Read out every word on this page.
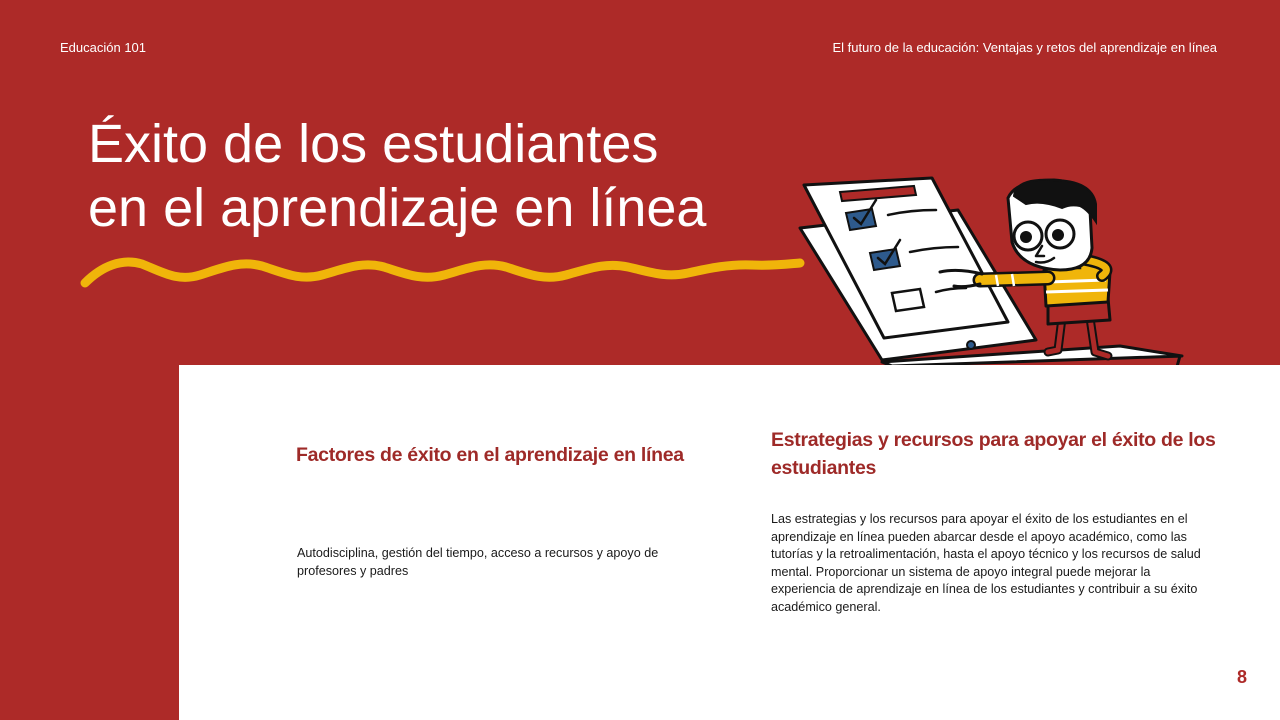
Educación 101	El futuro de la educación: Ventajas y retos del aprendizaje en línea
Éxito de los estudiantes
en el aprendizaje en línea
Factores de éxito en el aprendizaje en línea

Autodisciplina, gestión del tiempo, acceso a recursos y apoyo de profesores y padres

Estrategias y recursos para apoyar el éxito de los estudiantes

Las estrategias y los recursos para apoyar el éxito de los estudiantes en el aprendizaje en línea pueden abarcar desde el apoyo académico, como las tutorías y la retroalimentación, hasta el apoyo técnico y los recursos de salud mental. Proporcionar un sistema de apoyo integral puede mejorar la experiencia de aprendizaje en línea de los estudiantes y contribuir a su éxito académico general.

8
